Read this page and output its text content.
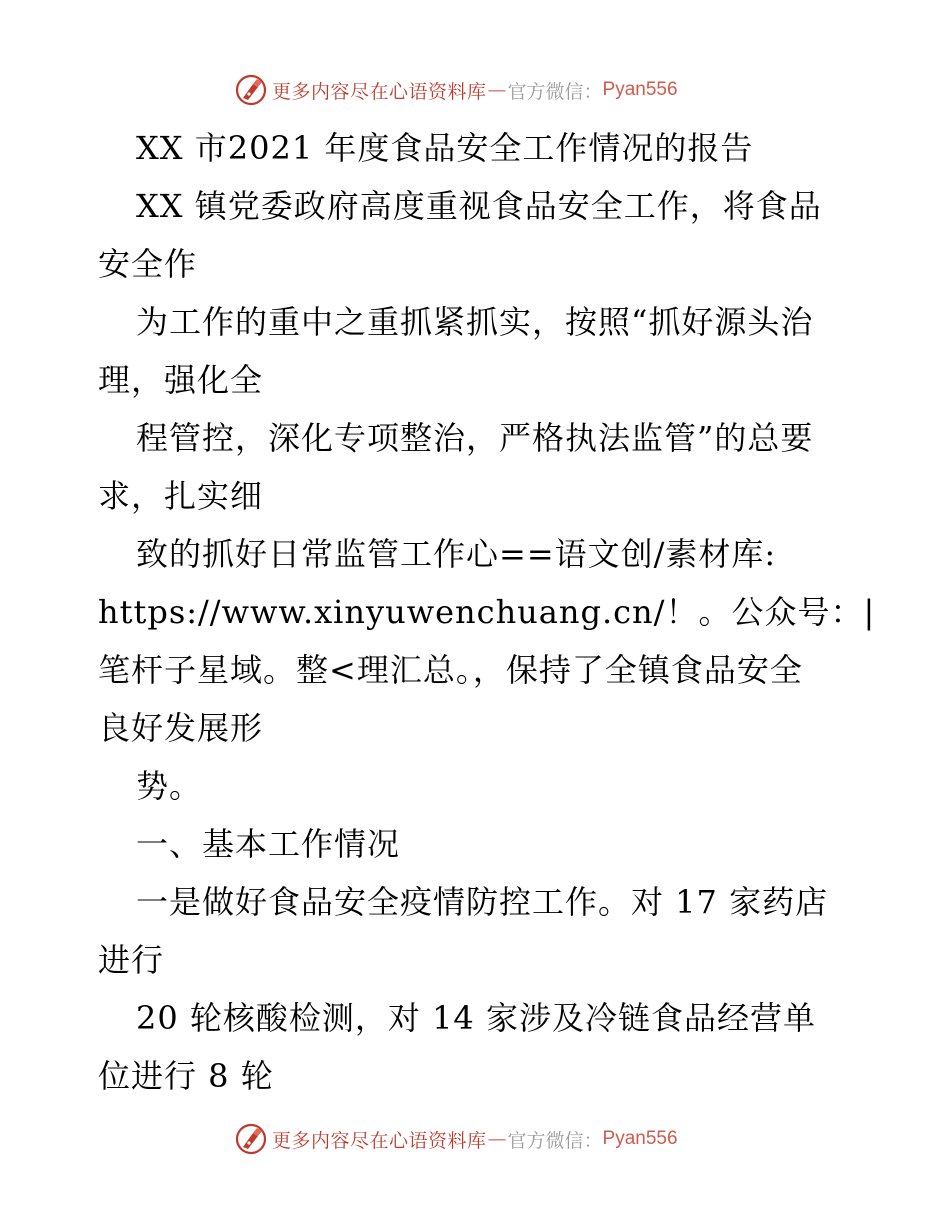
更多内容尽在心语资料库 — 官方微信： Pyan556
XX 市2021 年度食品安全工作情况的报告
XX 镇党委政府高度重视食品安全工作，将食品
安全作
为工作的重中之重抓紧抓实，按照“抓好源头治
理，强化全
程管控，深化专项整治，严格执法监管”的总要
求，扎实细
致的抓好日常监管工作心==语文创/素材库:
https://www.xinyuwenchuang.cn/！。公众号：|
笔杆子星域。整<理汇总。，保持了全镇食品安全
良好发展形
势。
一、基本工作情况
一是做好食品安全疫情防控工作。对 17 家药店
进行
20 轮核酸检测，对 14 家涉及冷链食品经营单
位进行 8 轮
更多内容尽在心语资料库 — 官方微信： Pyan556
